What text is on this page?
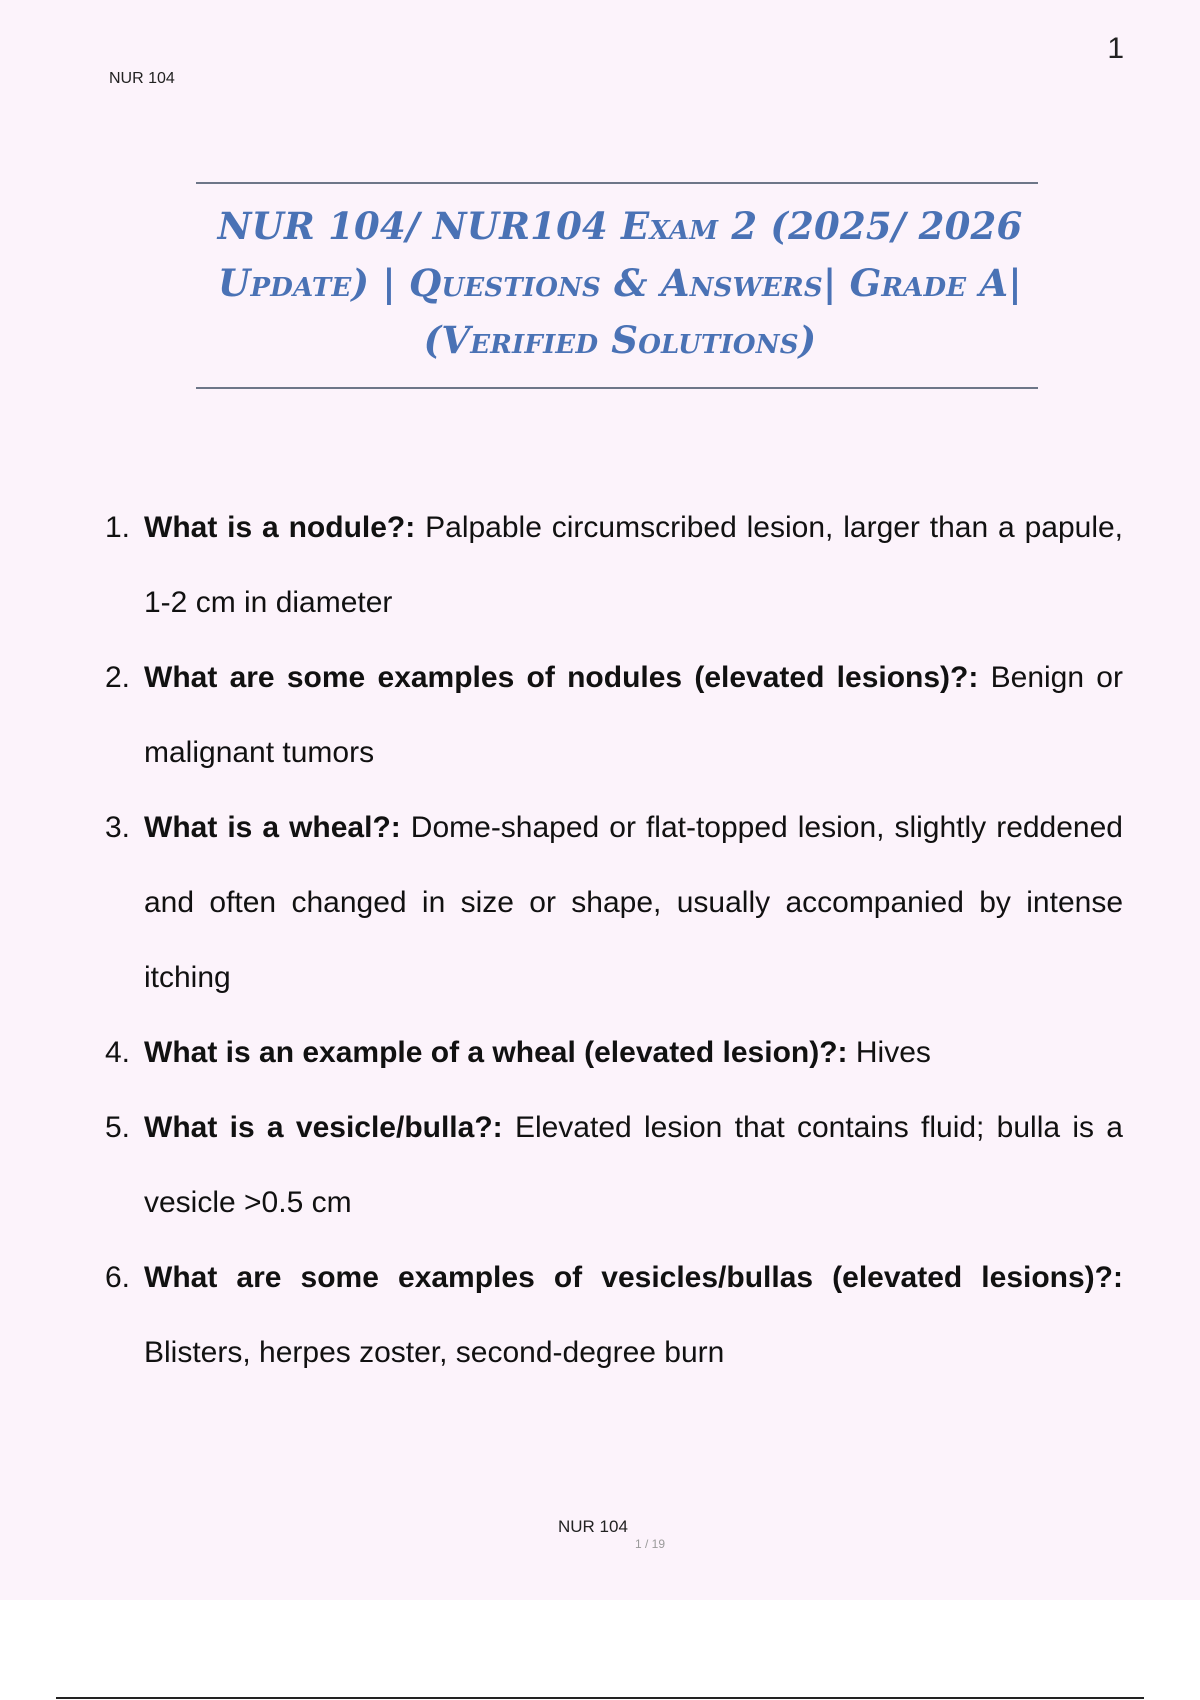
1
NUR 104
NUR 104/ NUR104 Exam 2 (2025/ 2026
Update) | Questions & Answers| Grade A|
(Verified Solutions)
1. What is a nodule?: Palpable circumscribed lesion, larger than a papule, 1-2 cm in diameter
2. What are some examples of nodules (elevated lesions)?: Benign or malignant tumors
3. What is a wheal?: Dome-shaped or flat-topped lesion, slightly reddened and often changed in size or shape, usually accompanied by intense itching
4. What is an example of a wheal (elevated lesion)?: Hives
5. What is a vesicle/bulla?: Elevated lesion that contains fluid; bulla is a vesicle >0.5 cm
6. What are some examples of vesicles/bullas (elevated lesions)?: Blisters, herpes zoster, second-degree burn
NUR 104
1 / 19
